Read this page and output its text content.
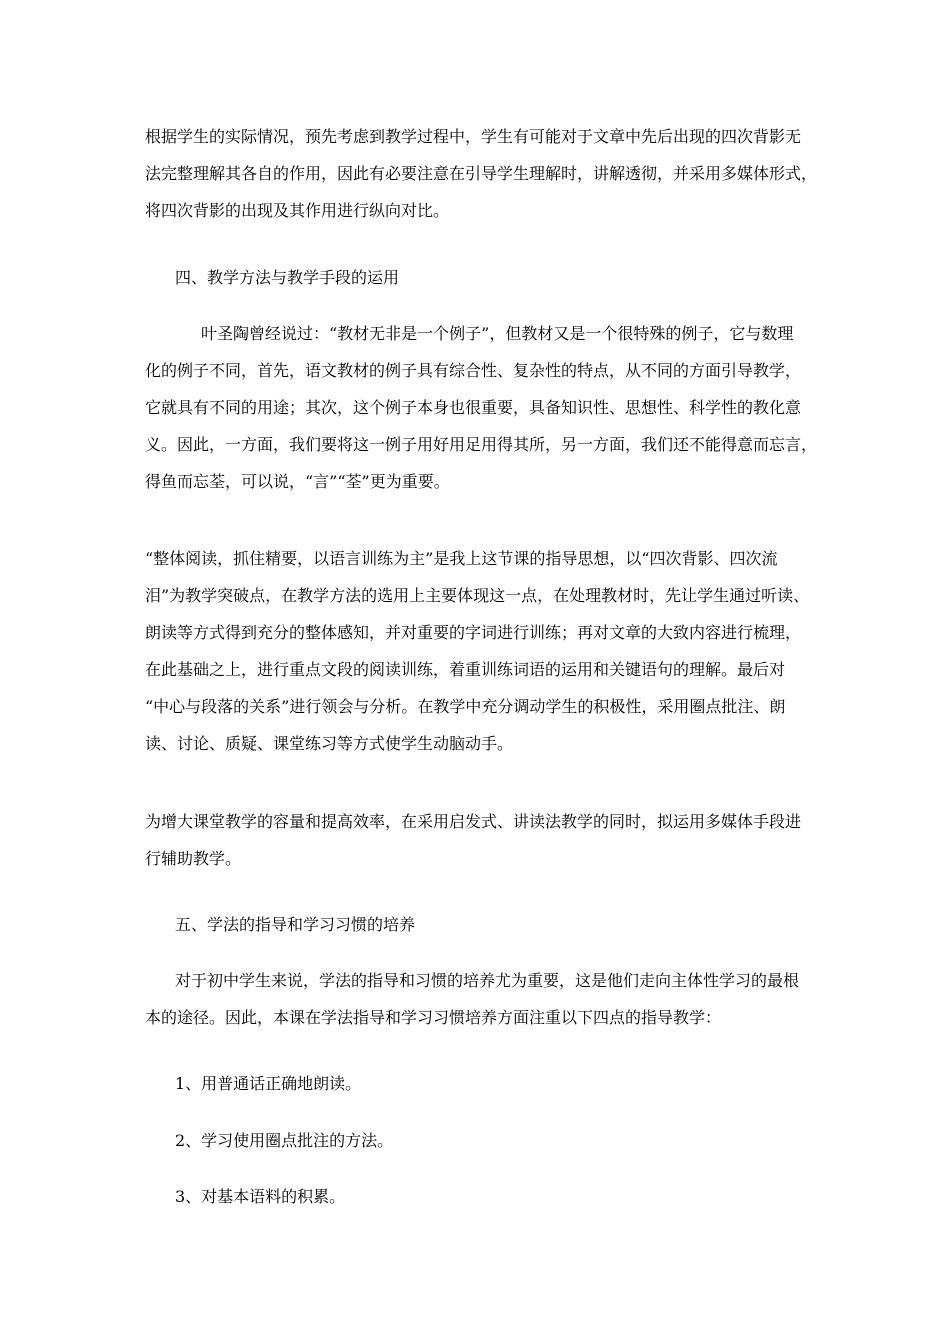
根据学生的实际情况，预先考虑到教学过程中，学生有可能对于文章中先后出现的四次背影无
法完整理解其各自的作用，因此有必要注意在引导学生理解时，讲解透彻，并采用多媒体形式，
将四次背影的出现及其作用进行纵向对比。
四、教学方法与教学手段的运用
叶圣陶曾经说过：“教材无非是一个例子”，但教材又是一个很特殊的例子，它与数理
化的例子不同，首先，语文教材的例子具有综合性、复杂性的特点，从不同的方面引导教学，
它就具有不同的用途；其次，这个例子本身也很重要，具备知识性、思想性、科学性的教化意
义。因此，一方面，我们要将这一例子用好用足用得其所，另一方面，我们还不能得意而忘言，
得鱼而忘荃，可以说，“言”“荃”更为重要。
“整体阅读，抓住精要，以语言训练为主”是我上这节课的指导思想，以“四次背影、四次流
泪”为教学突破点，在教学方法的选用上主要体现这一点，在处理教材时，先让学生通过听读、
朗读等方式得到充分的整体感知，并对重要的字词进行训练；再对文章的大致内容进行梳理，
在此基础之上，进行重点文段的阅读训练，着重训练词语的运用和关键语句的理解。最后对
“中心与段落的关系”进行领会与分析。在教学中充分调动学生的积极性，采用圈点批注、朗
读、讨论、质疑、课堂练习等方式使学生动脑动手。
为增大课堂教学的容量和提高效率，在采用启发式、讲读法教学的同时，拟运用多媒体手段进
行辅助教学。
五、学法的指导和学习习惯的培养
对于初中学生来说，学法的指导和习惯的培养尤为重要，这是他们走向主体性学习的最根
本的途径。因此，本课在学法指导和学习习惯培养方面注重以下四点的指导教学：
1、用普通话正确地朗读。
2、学习使用圈点批注的方法。
3、对基本语料的积累。
